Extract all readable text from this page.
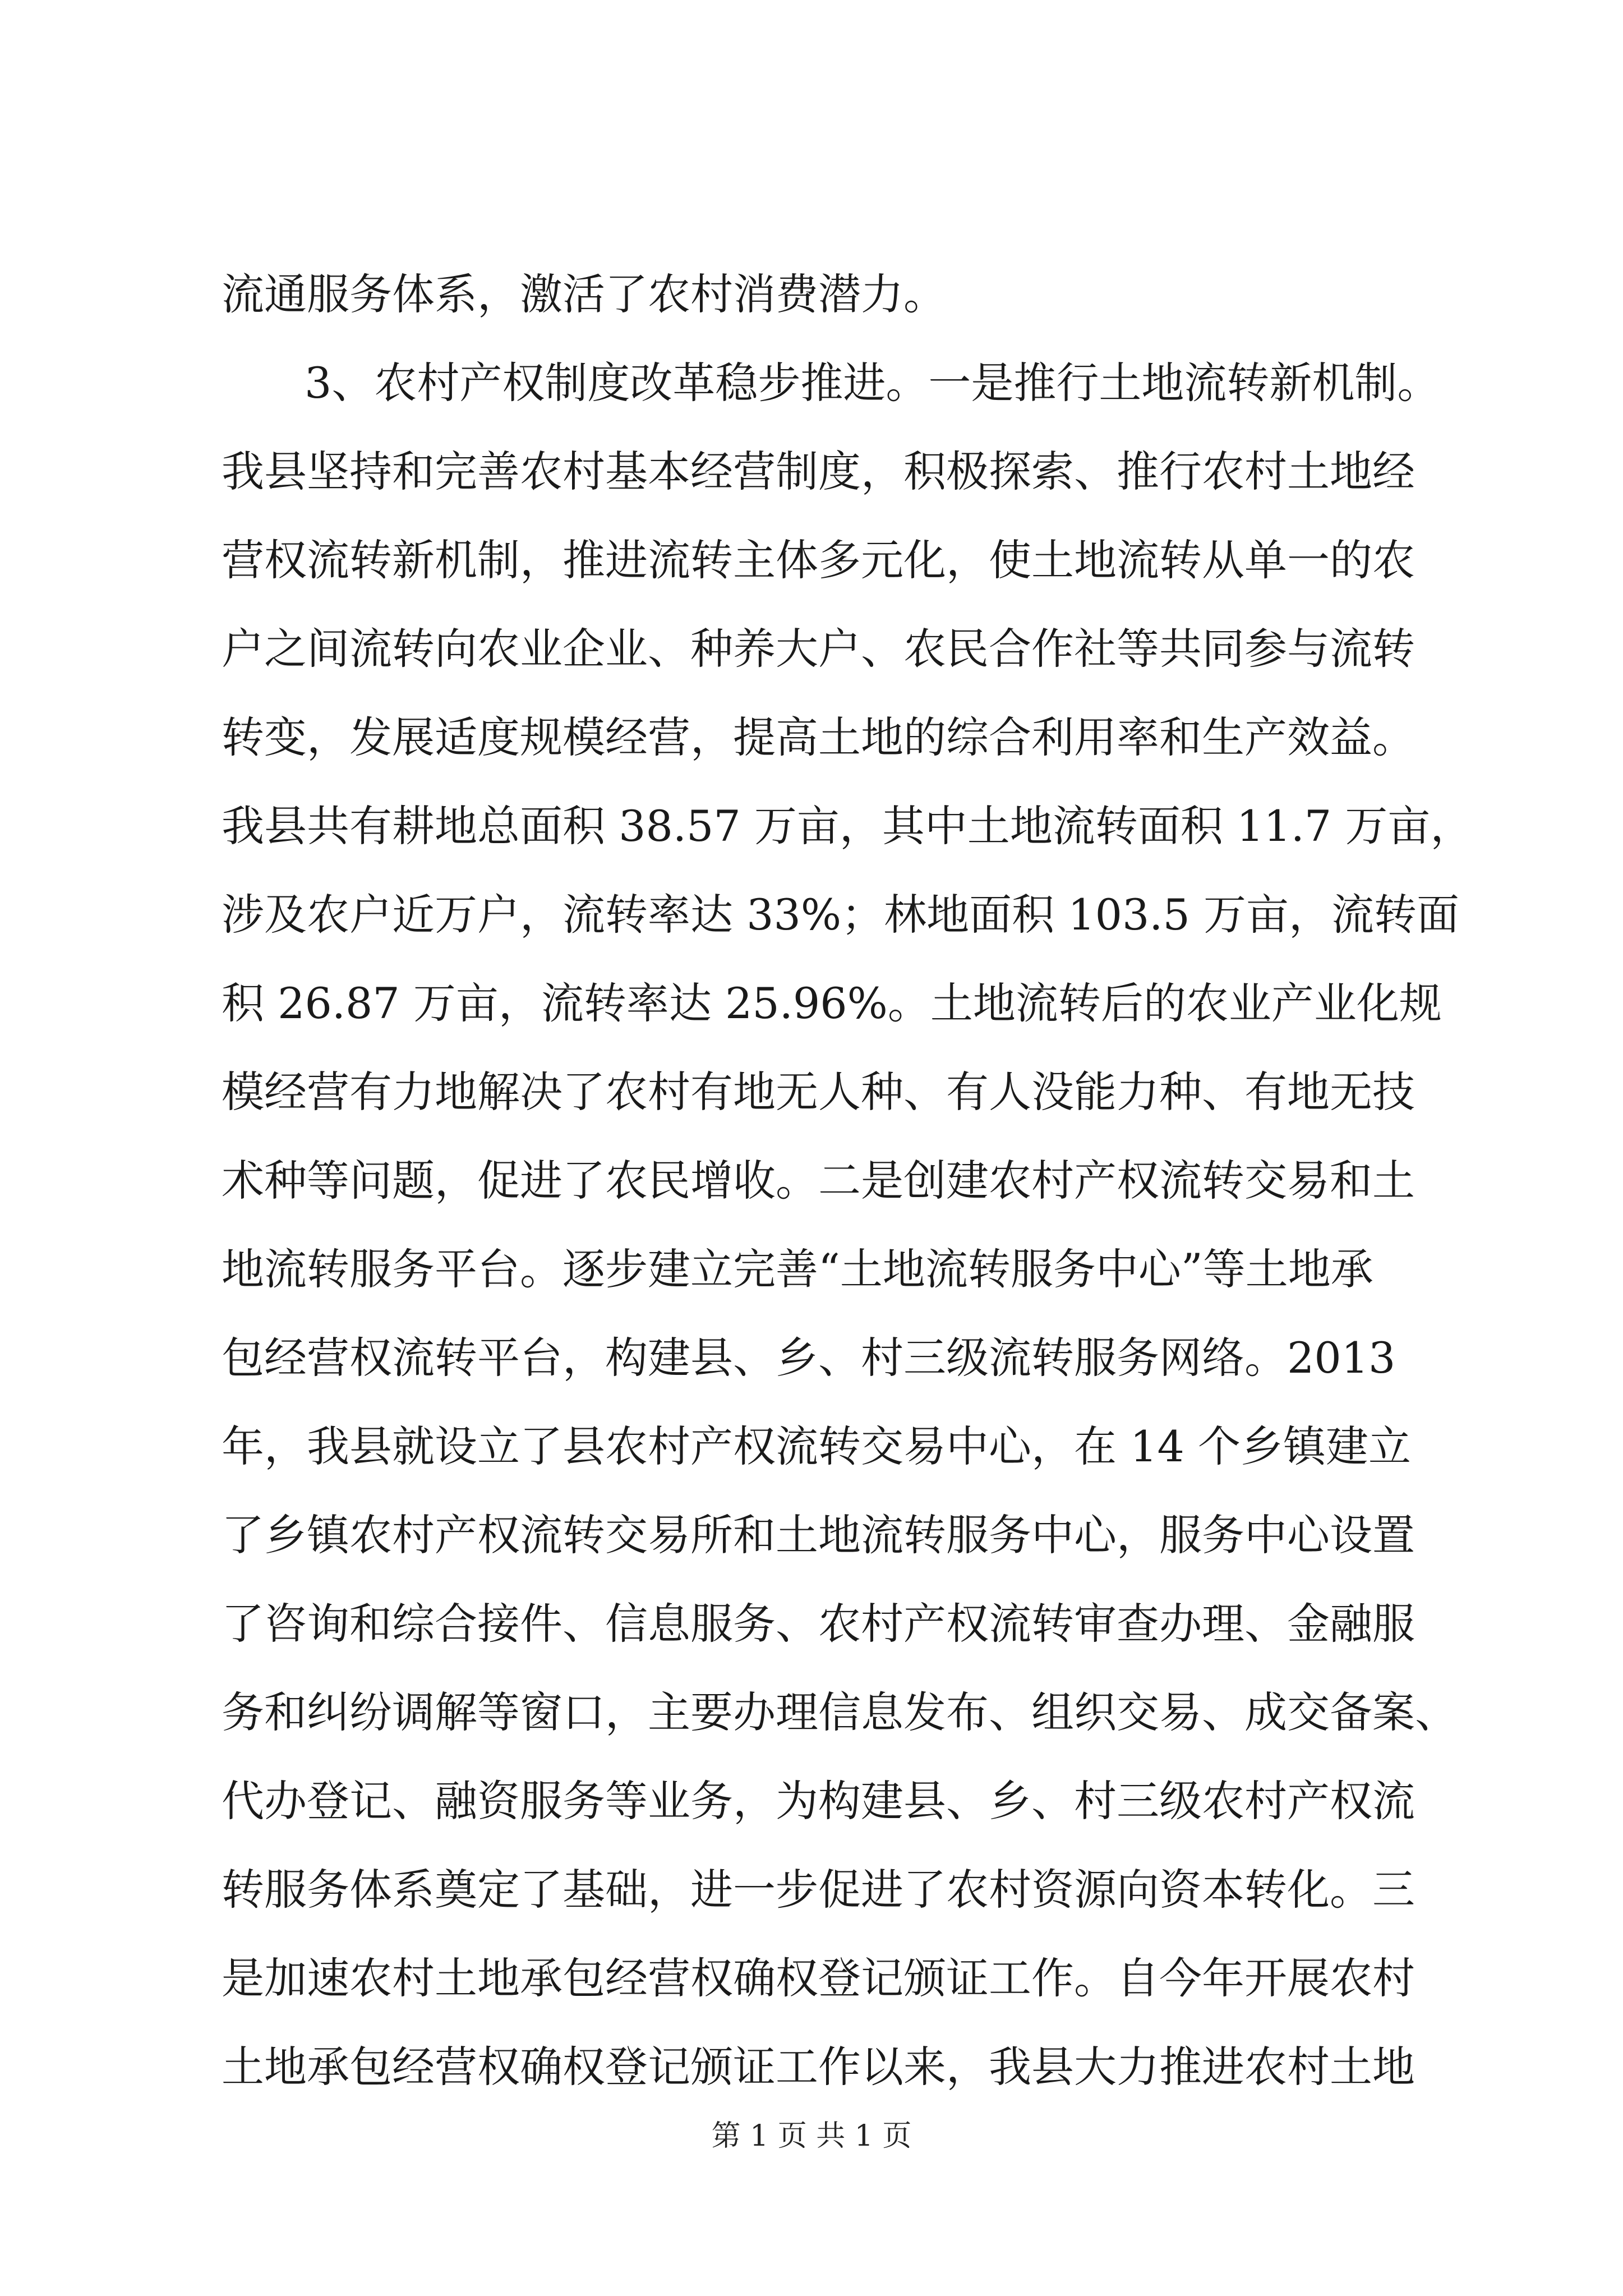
流通服务体系，激活了农村消费潜力。
3、农村产权制度改革稳步推进。一是推行土地流转新机制。
我县坚持和完善农村基本经营制度，积极探索、推行农村土地经
营权流转新机制，推进流转主体多元化，使土地流转从单一的农
户之间流转向农业企业、种养大户、农民合作社等共同参与流转
转变，发展适度规模经营，提高土地的综合利用率和生产效益。
我县共有耕地总面积 38.57 万亩，其中土地流转面积 11.7 万亩，
涉及农户近万户，流转率达 33%；林地面积 103.5 万亩，流转面
积 26.87 万亩，流转率达 25.96%。土地流转后的农业产业化规
模经营有力地解决了农村有地无人种、有人没能力种、有地无技
术种等问题，促进了农民增收。二是创建农村产权流转交易和土
地流转服务平台。逐步建立完善“土地流转服务中心”等土地承
包经营权流转平台，构建县、乡、村三级流转服务网络。2013
年，我县就设立了县农村产权流转交易中心，在 14 个乡镇建立
了乡镇农村产权流转交易所和土地流转服务中心，服务中心设置
了咨询和综合接件、信息服务、农村产权流转审查办理、金融服
务和纠纷调解等窗口，主要办理信息发布、组织交易、成交备案、
代办登记、融资服务等业务，为构建县、乡、村三级农村产权流
转服务体系奠定了基础，进一步促进了农村资源向资本转化。三
是加速农村土地承包经营权确权登记颁证工作。自今年开展农村
土地承包经营权确权登记颁证工作以来，我县大力推进农村土地
第 1 页 共 1 页
